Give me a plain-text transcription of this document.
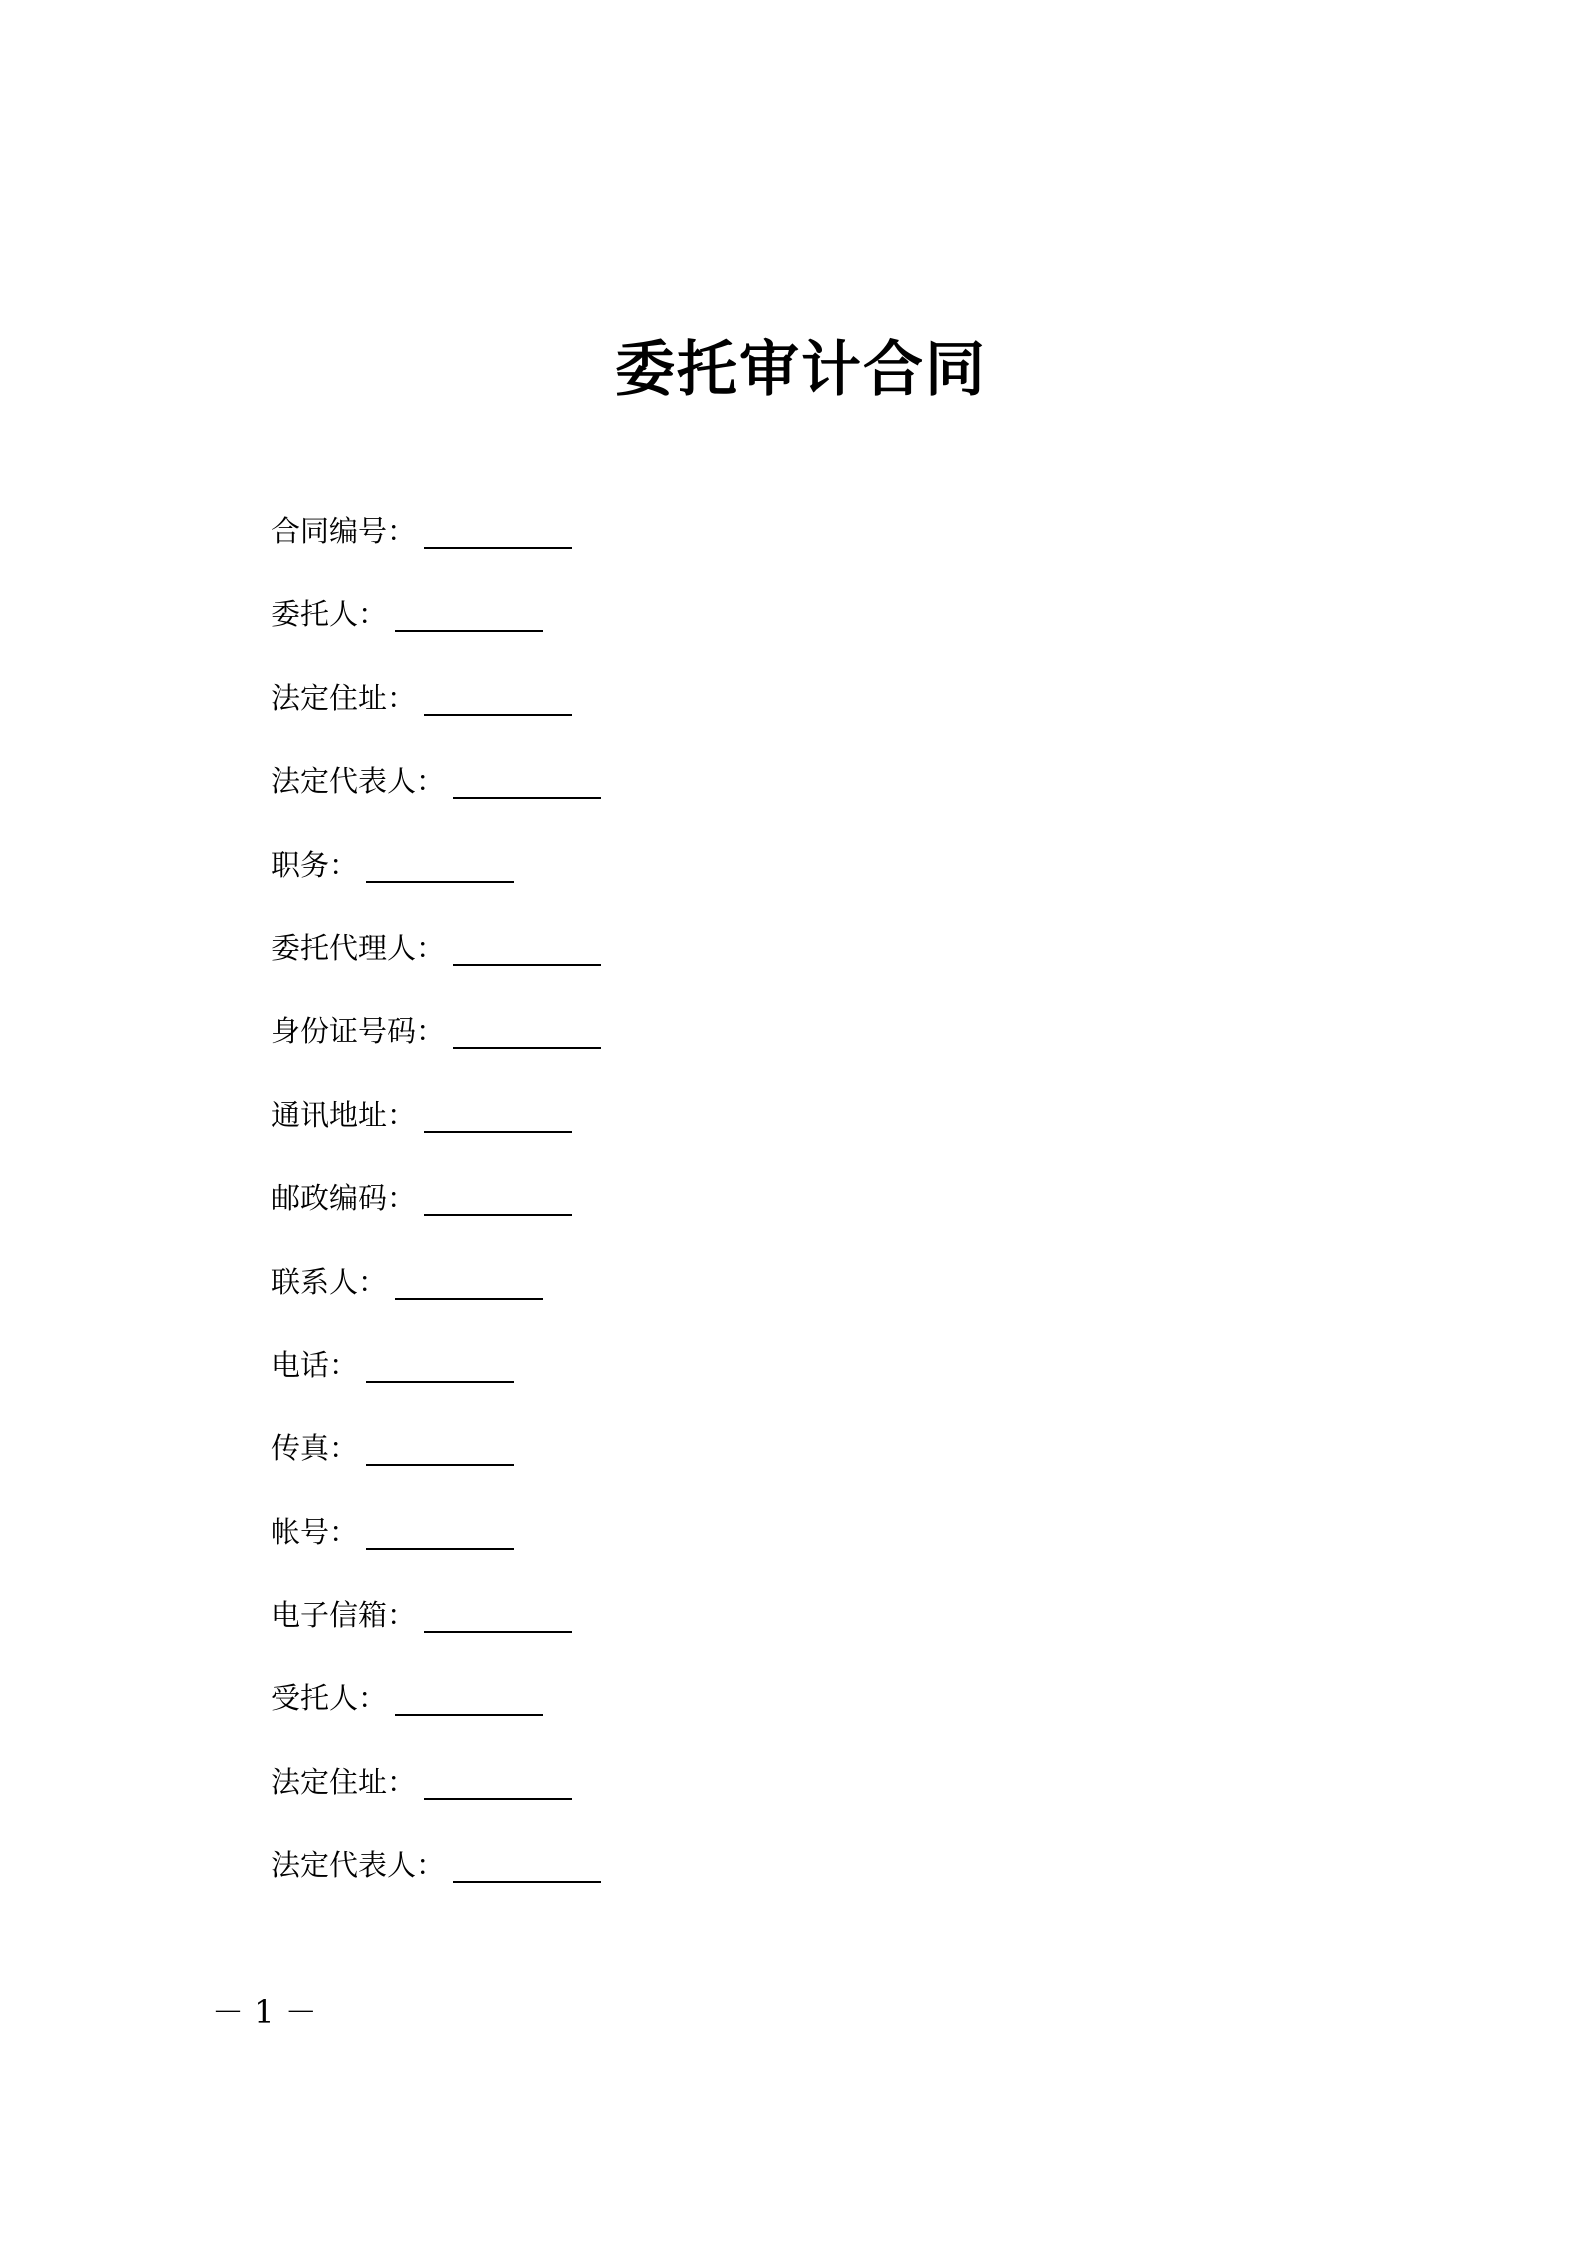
委托审计合同
合同编号：
委托人：
法定住址：
法定代表人：
职务：
委托代理人：
身份证号码：
通讯地址：
邮政编码：
联系人：
电话：
传真：
帐号：
电子信箱：
受托人：
法定住址：
法定代表人：
－ 1 －
